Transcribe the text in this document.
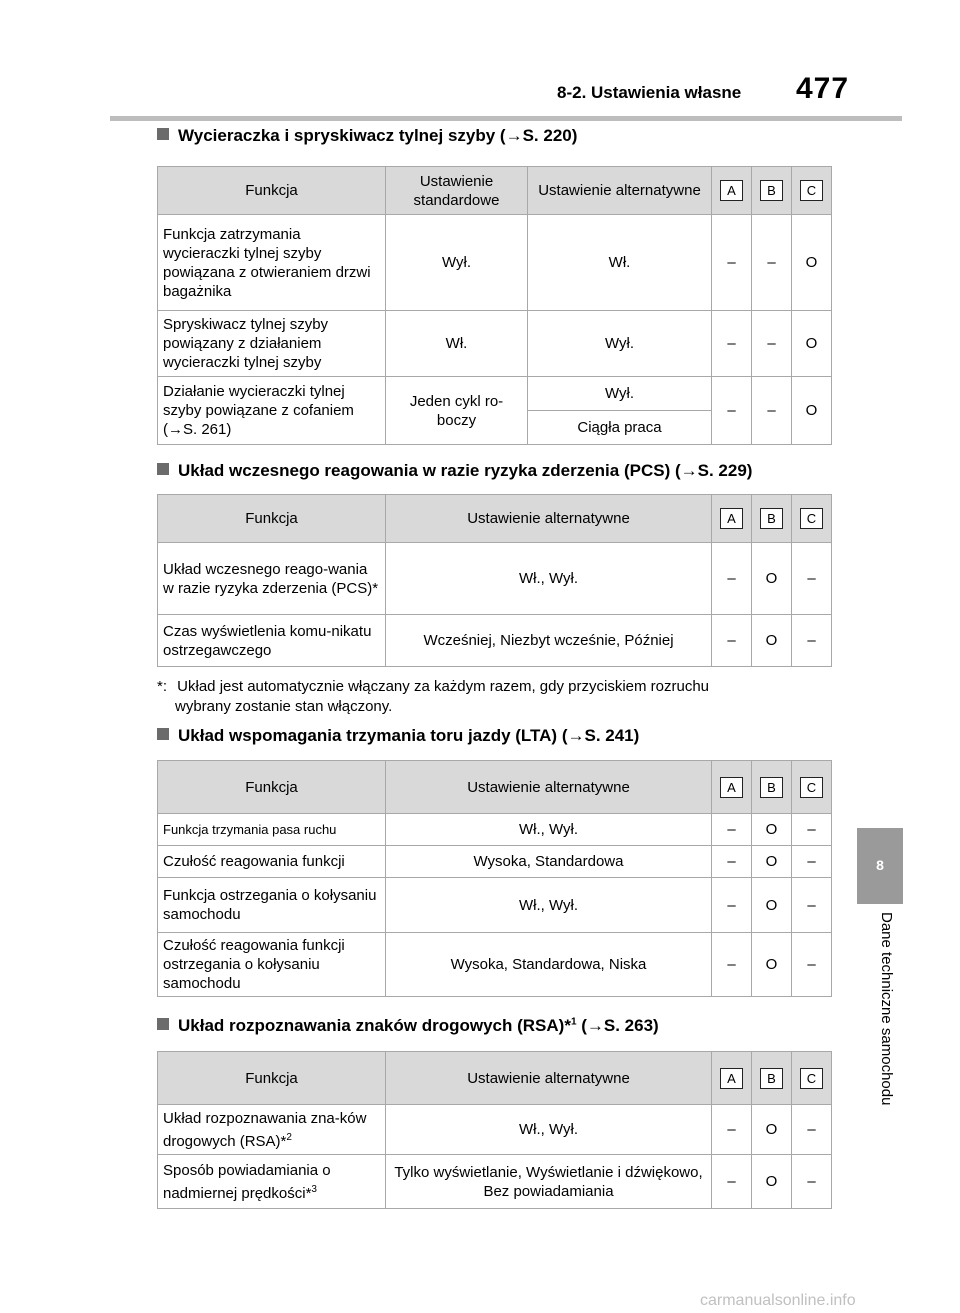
8-2. Ustawienia własne 477
8
Dane techniczne samochodu
Wycieraczka i spryskiwacz tylnej szyby (→S. 220)
Funkcja	Ustawienie standardowe	Ustawienie alternatywne	A	B	C
Funkcja zatrzymania wycieraczki tylnej szyby powiązana z otwieraniem drzwi bagażnika	Wył.	Wł.	–	–	O
Spryskiwacz tylnej szyby powiązany z działaniem wycieraczki tylnej szyby	Wł.	Wył.	–	–	O
Działanie wycieraczki tylnej szyby powiązane z cofaniem (→S. 261)	Jeden cykl ro-boczy	Wył.	–	–	O
		Ciągła praca			
Układ wczesnego reagowania w razie ryzyka zderzenia (PCS) (→S. 229)
Funkcja	Ustawienie alternatywne	A	B	C
Układ wczesnego reago-wania w razie ryzyka zderzenia (PCS)*	Wł., Wył.	–	O	–
Czas wyświetlenia komu-nikatu ostrzegawczego	Wcześniej, Niezbyt wcześnie, Później	–	O	–
*: Układ jest automatycznie włączany za każdym razem, gdy przyciskiem rozruchu
wybrany zostanie stan włączony.
Układ wspomagania trzymania toru jazdy (LTA) (→S. 241)
Funkcja	Ustawienie alternatywne	A	B	C
Funkcja trzymania pasa ruchu	Wł., Wył.	–	O	–
Czułość reagowania funkcji	Wysoka, Standardowa	–	O	–
Funkcja ostrzegania o kołysaniu samochodu	Wł., Wył.	–	O	–
Czułość reagowania funkcji ostrzegania o kołysaniu samochodu	Wysoka, Standardowa, Niska	–	O	–
Układ rozpoznawania znaków drogowych (RSA)*$^1$ (→S. 263)
Funkcja	Ustawienie alternatywne	A	B	C
Układ rozpoznawania zna-ków drogowych (RSA)*$^2$	Wł., Wył.	–	O	–
Sposób powiadamiania o nadmiernej prędkości*$^3$	Tylko wyświetlanie, Wyświetlanie i dźwiękowo, Bez powiadamiania	–	O	–
carmanualsonline.info
